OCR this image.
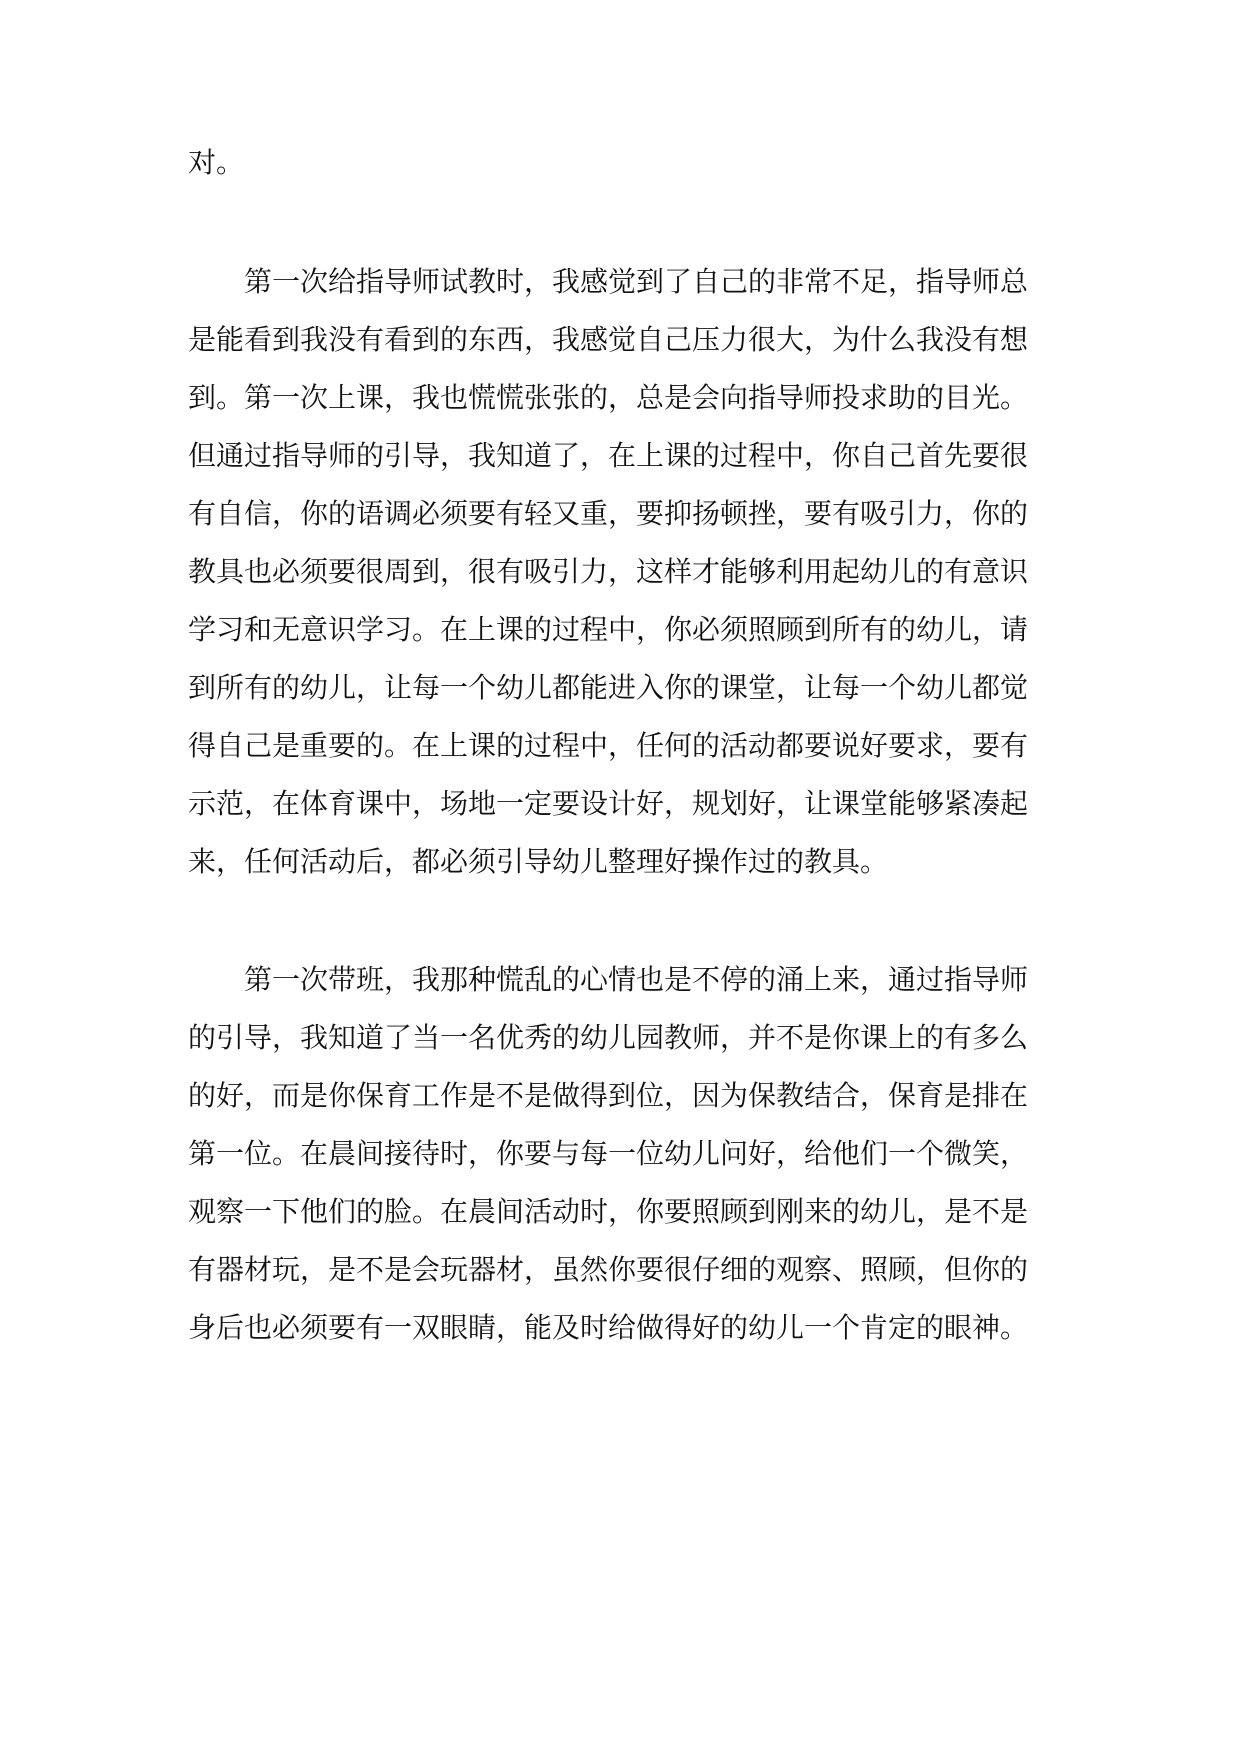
对。

　　第一次给指导师试教时，我感觉到了自己的非常不足，指导师总

是能看到我没有看到的东西，我感觉自己压力很大，为什么我没有想

到。第一次上课，我也慌慌张张的，总是会向指导师投求助的目光。

但通过指导师的引导，我知道了，在上课的过程中，你自己首先要很

有自信，你的语调必须要有轻又重，要抑扬顿挫，要有吸引力，你的

教具也必须要很周到，很有吸引力，这样才能够利用起幼儿的有意识

学习和无意识学习。在上课的过程中，你必须照顾到所有的幼儿，请

到所有的幼儿，让每一个幼儿都能进入你的课堂，让每一个幼儿都觉

得自己是重要的。在上课的过程中，任何的活动都要说好要求，要有

示范，在体育课中，场地一定要设计好，规划好，让课堂能够紧凑起

来，任何活动后，都必须引导幼儿整理好操作过的教具。

　　第一次带班，我那种慌乱的心情也是不停的涌上来，通过指导师

的引导，我知道了当一名优秀的幼儿园教师，并不是你课上的有多么

的好，而是你保育工作是不是做得到位，因为保教结合，保育是排在

第一位。在晨间接待时，你要与每一位幼儿问好，给他们一个微笑，

观察一下他们的脸。在晨间活动时，你要照顾到刚来的幼儿，是不是

有器材玩，是不是会玩器材，虽然你要很仔细的观察、照顾，但你的

身后也必须要有一双眼睛，能及时给做得好的幼儿一个肯定的眼神。
